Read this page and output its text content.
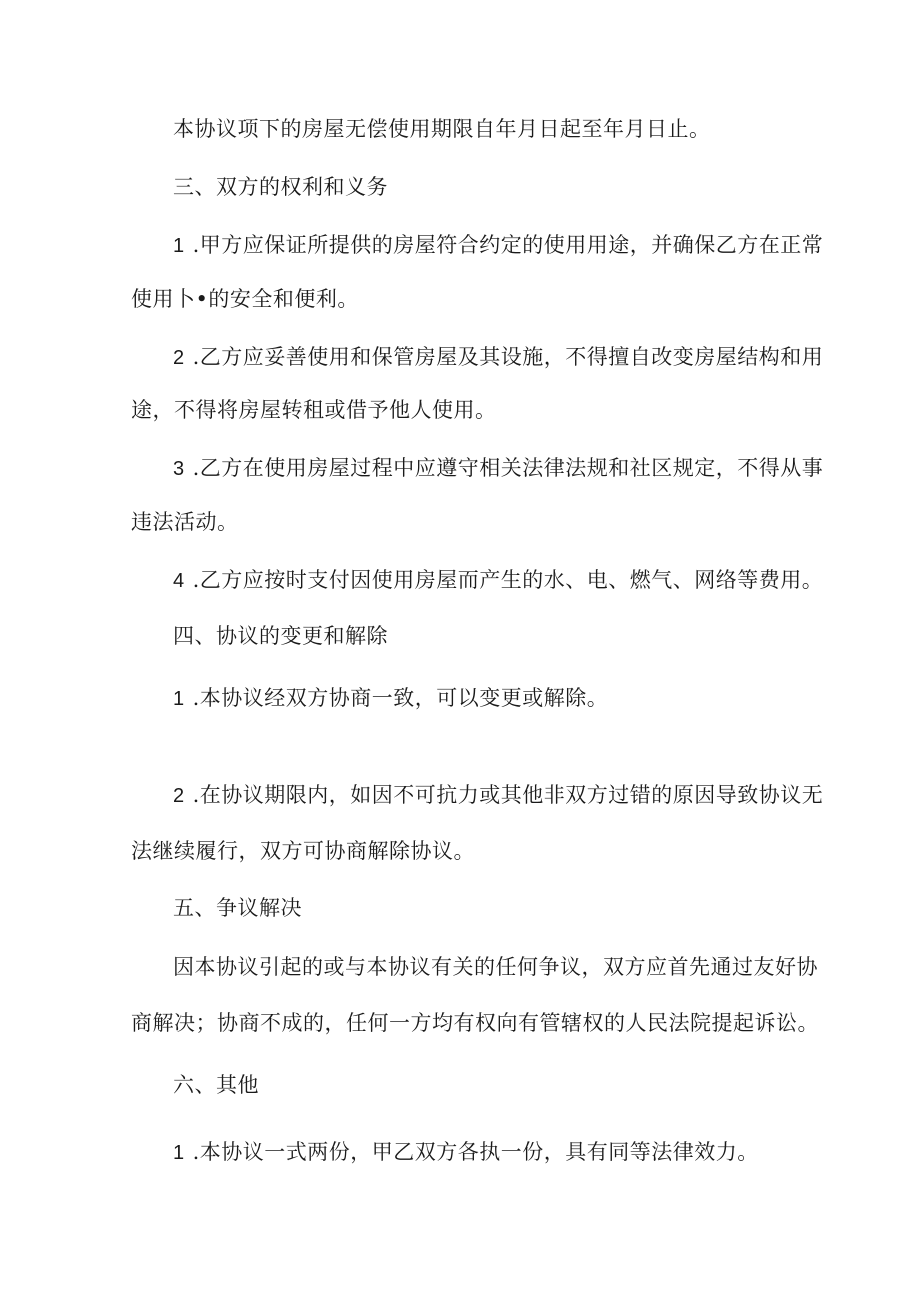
本协议项下的房屋无偿使用期限自年月日起至年月日止。
三、双方的权利和义务
1 .甲方应保证所提供的房屋符合约定的使用用途，并确保乙方在正常
使用卜•的安全和便利。
2 .乙方应妥善使用和保管房屋及其设施，不得擅自改变房屋结构和用
途，不得将房屋转租或借予他人使用。
3 .乙方在使用房屋过程中应遵守相关法律法规和社区规定，不得从事
违法活动。
4 .乙方应按时支付因使用房屋而产生的水、电、燃气、网络等费用。
四、协议的变更和解除
1 .本协议经双方协商一致，可以变更或解除。
2 .在协议期限内，如因不可抗力或其他非双方过错的原因导致协议无
法继续履行，双方可协商解除协议。
五、争议解决
因本协议引起的或与本协议有关的任何争议，双方应首先通过友好协
商解决；协商不成的，任何一方均有权向有管辖权的人民法院提起诉讼。
六、其他
1 .本协议一式两份，甲乙双方各执一份，具有同等法律效力。
